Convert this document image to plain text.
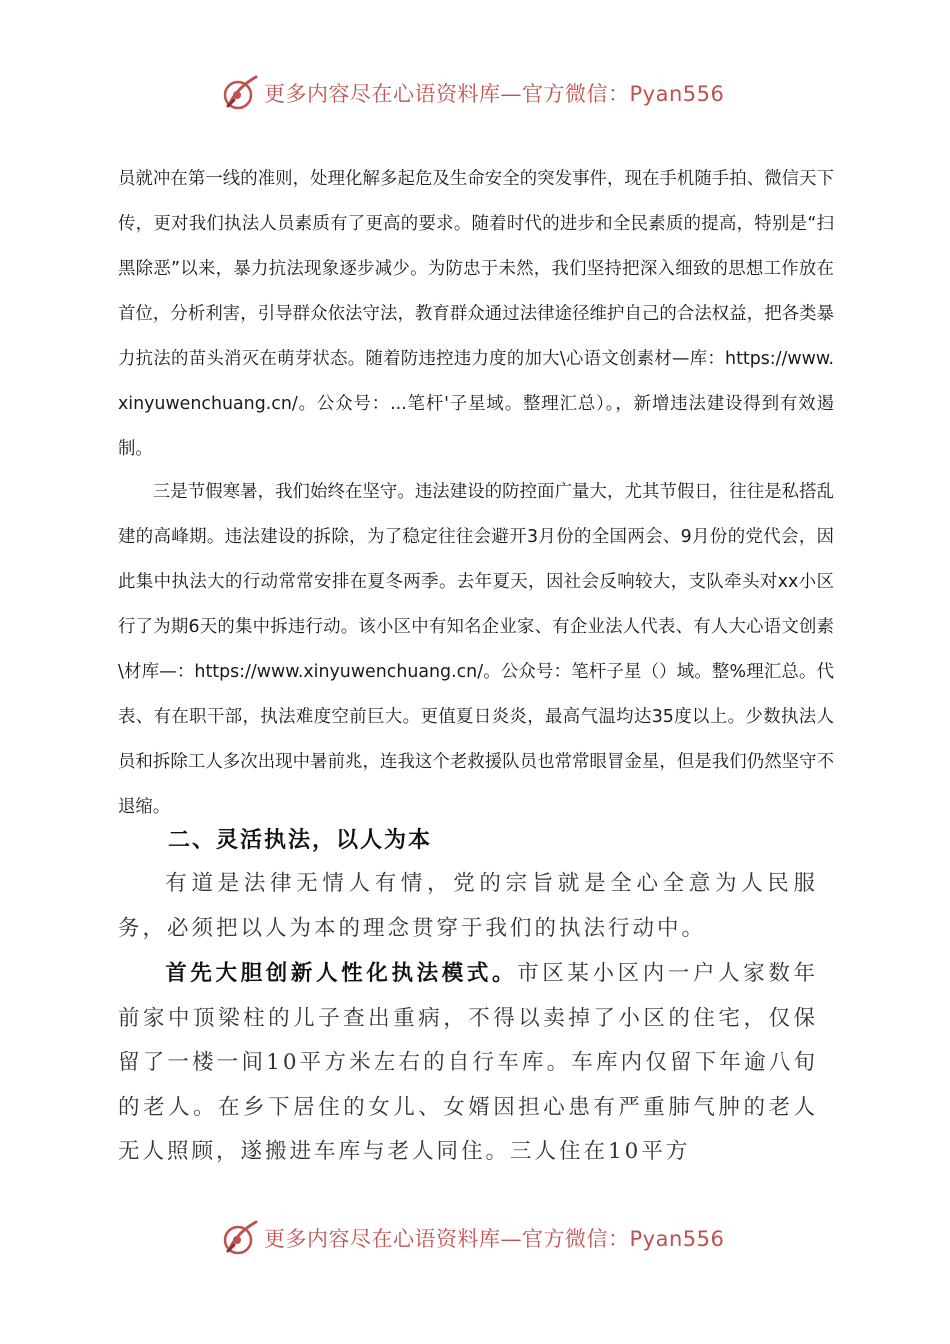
更多内容尽在心语资料库—官方微信：Pyan556

员就冲在第一线的准则，处理化解多起危及生命安全的突发事件，现在手机随手拍、微信天下传，更对我们执法人员素质有了更高的要求。随着时代的进步和全民素质的提高，特别是“扫黑除恶”以来，暴力抗法现象逐步减少。为防忠于未然，我们坚持把深入细致的思想工作放在首位，分析利害，引导群众依法守法，教育群众通过法律途径维护自己的合法权益，把各类暴力抗法的苗头消灭在萌芽状态。随着防违控违力度的加大\心语文创素材—库：https://www.xinyuwenchuang.cn/。公众号：...笔杆'子星域。整理汇总）。，新增违法建设得到有效遏制。

三是节假寒暑，我们始终在坚守。违法建设的防控面广量大，尤其节假日，往往是私搭乱建的高峰期。违法建设的拆除，为了稳定往往会避开3月份的全国两会、9月份的党代会，因此集中执法大的行动常常安排在夏冬两季。去年夏天，因社会反响较大，支队牵头对xx小区行了为期6天的集中拆违行动。该小区中有知名企业家、有企业法人代表、有人大心语文创素\材库—：https://www.xinyuwenchuang.cn/。公众号：笔杆子星（）域。整%理汇总。代表、有在职干部，执法难度空前巨大。更值夏日炎炎，最高气温均达35度以上。少数执法人员和拆除工人多次出现中暑前兆，连我这个老救援队员也常常眼冒金星，但是我们仍然坚守不退缩。

二、灵活执法，以人为本

有道是法律无情人有情，党的宗旨就是全心全意为人民服务，必须把以人为本的理念贯穿于我们的执法行动中。

首先大胆创新人性化执法模式。市区某小区内一户人家数年前家中顶梁柱的儿子查出重病，不得以卖掉了小区的住宅，仅保留了一楼一间10平方米左右的自行车库。车库内仅留下年逾八旬的老人。在乡下居住的女儿、女婿因担心患有严重肺气肿的老人无人照顾，遂搬进车库与老人同住。三人住在10平方

更多内容尽在心语资料库—官方微信：Pyan556
